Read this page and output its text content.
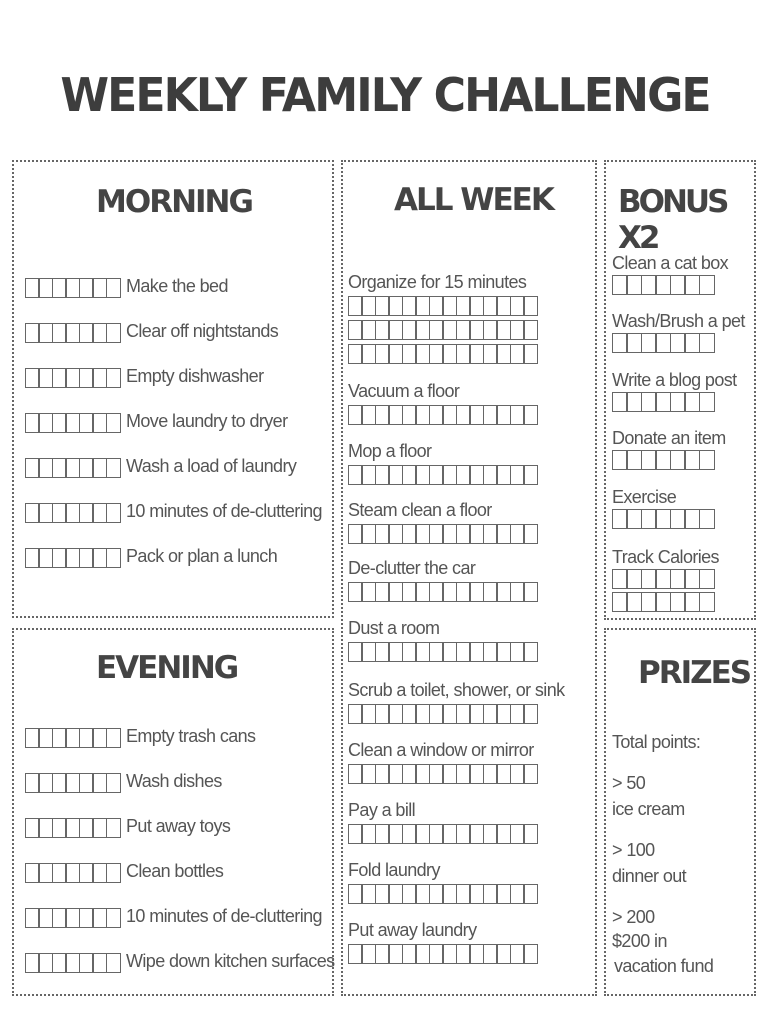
WEEKLY FAMILY CHALLENGE
MORNING
Make the bed
Clear off nightstands
Empty dishwasher
Move laundry to dryer
Wash a load of laundry
10 minutes of de-cluttering
Pack or plan a lunch
EVENING
Empty trash cans
Wash dishes
Put away toys
Clean bottles
10 minutes of de-cluttering
Wipe down kitchen surfaces
ALL WEEK
Organize for 15 minutes
Vacuum a floor
Mop a floor
Steam clean a floor
De-clutter the car
Dust a room
Scrub a toilet, shower, or sink
Clean a window or mirror
Pay a bill
Fold laundry
Put away laundry
BONUS X2
Clean a cat box
Wash/Brush a pet
Write a blog post
Donate an item
Exercise
Track Calories
PRIZES
Total points:
> 50
ice cream
> 100
dinner out
> 200
$200 in
vacation fund
